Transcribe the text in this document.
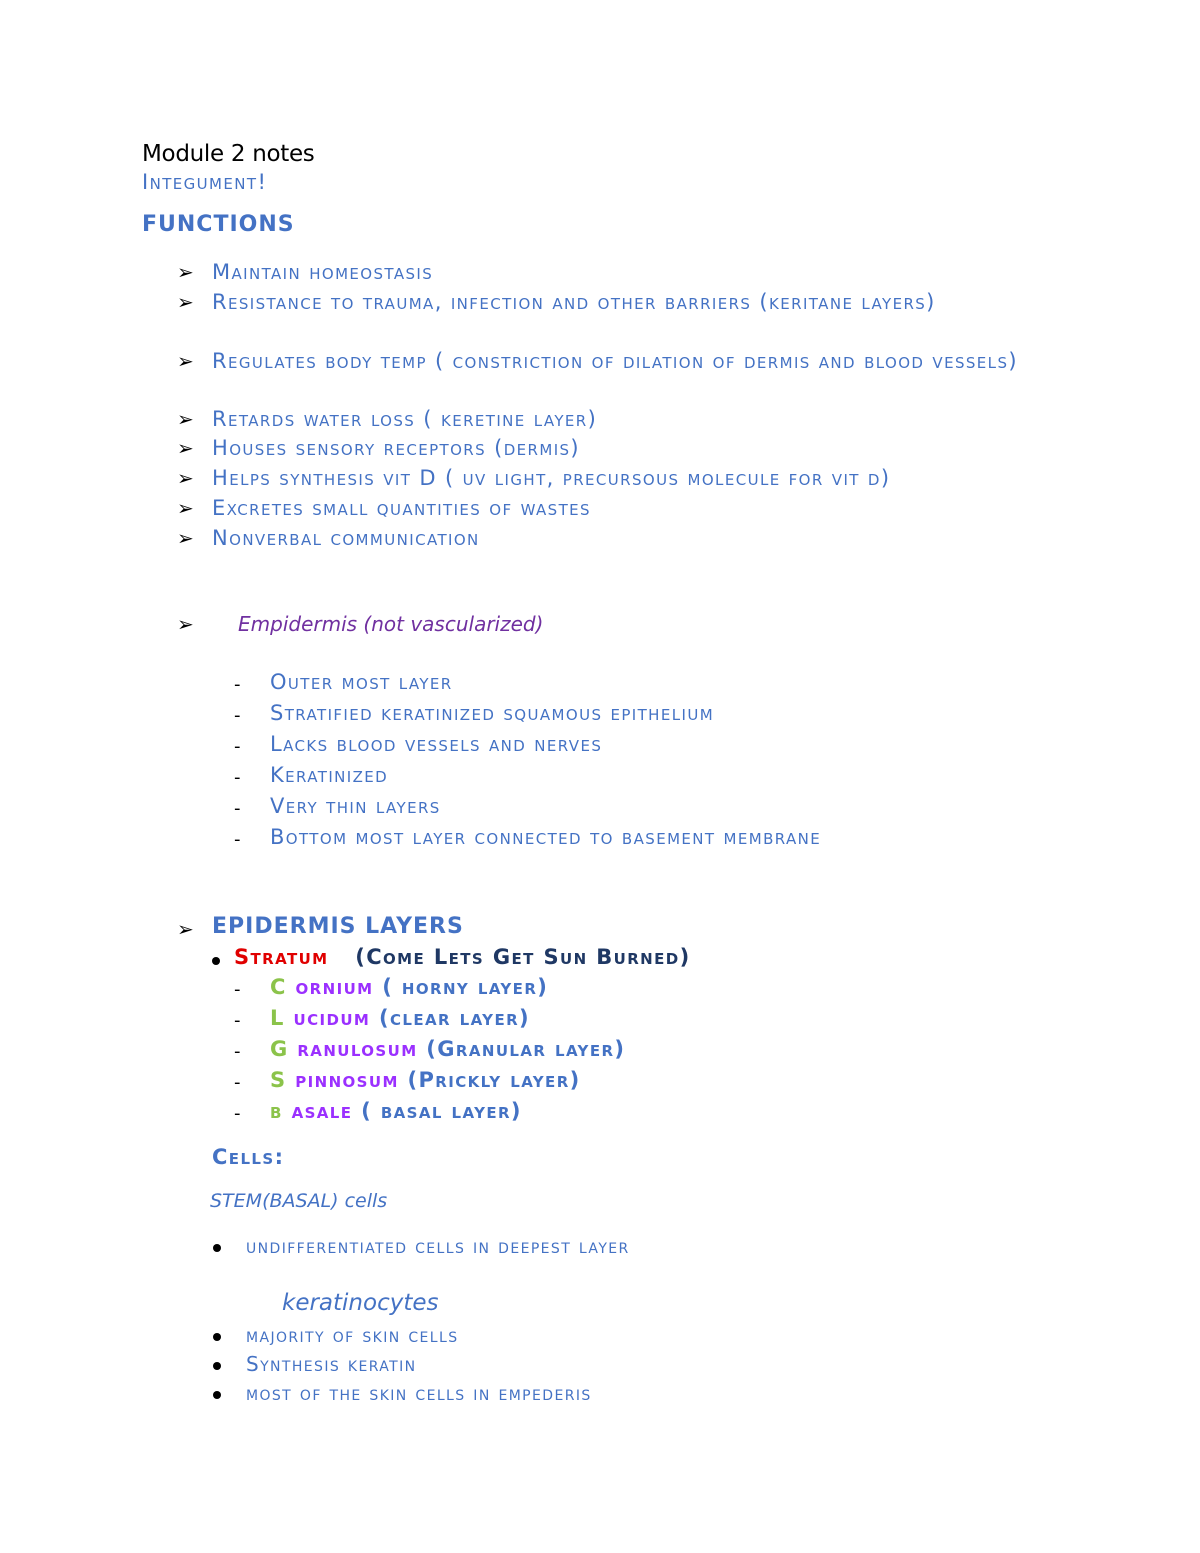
Module 2 notes
Integument!
FUNCTIONS
➢ Maintain homeostasis
➢ Resistance to trauma, infection and other barriers (keritane layers)
➢ Regulates body temp ( constriction of dilation of dermis and blood vessels)
➢ Retards water loss ( keretine layer)
➢ Houses sensory receptors (dermis)
➢ Helps synthesis vit D ( uv light, precursous molecule for vit d)
➢ Excretes small quantities of wastes
➢ Nonverbal communication
➢ Empidermis (not vascularized)
- Outer most layer
- Stratified keratinized squamous epithelium
- Lacks blood vessels and nerves
- Keratinized
- Very thin layers
- Bottom most layer connected to basement membrane
➢ EPIDERMIS LAYERS
Stratum (Come Lets Get Sun Burned)
- C ornium ( horny layer)
- L ucidum (clear layer)
- G ranulosum (Granular layer)
- S pinnosum (Prickly layer)
- b asale ( basal layer)
Cells:
STEM(BASAL) cells
undifferentiated cells in deepest layer
keratinocytes
majority of skin cells
Synthesis keratin
most of the skin cells in empederis
